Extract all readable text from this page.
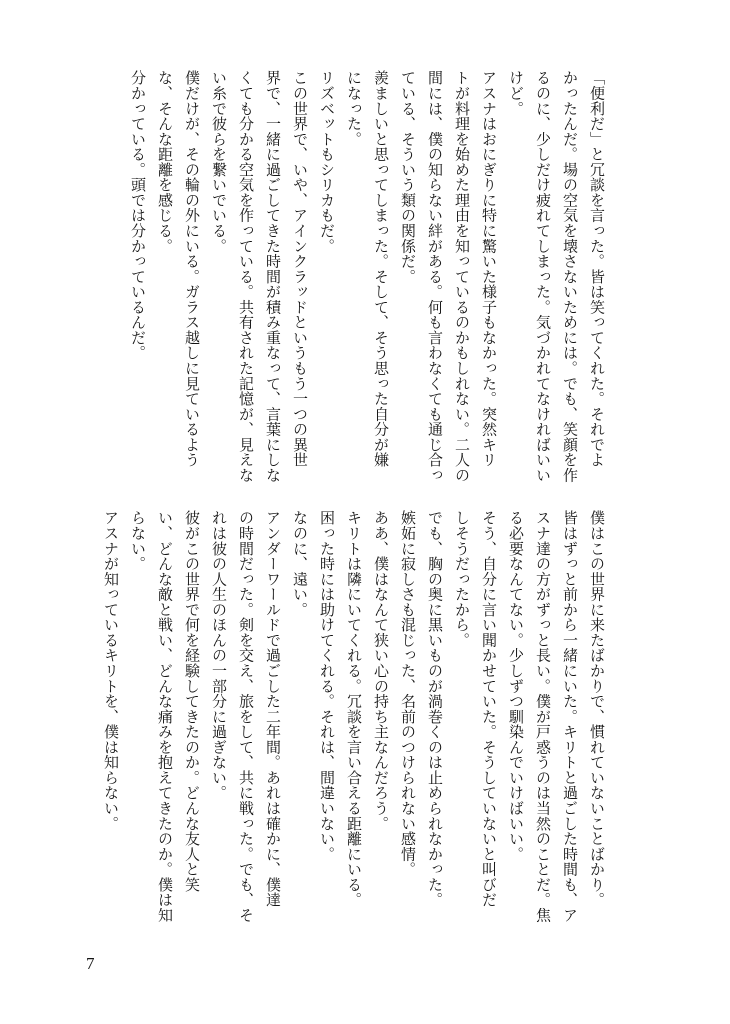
「便利だ」と冗談を言った。皆は笑ってくれた。それでよ
かったんだ。場の空気を壊さないためには。でも、笑顔を作
るのに、少しだけ疲れてしまった。気づかれてなければいい
けど。
アスナはおにぎりに特に驚いた様子もなかった。突然キリ
トが料理を始めた理由を知っているのかもしれない。二人の
間には、僕の知らない絆がある。何も言わなくても通じ合っ
ている、そういう類の関係だ。
羨ましいと思ってしまった。そして、そう思った自分が嫌
になった。
リズベットもシリカもだ。
この世界で、いや、アインクラッドというもう一つの異世
界で、一緒に過ごしてきた時間が積み重なって、言葉にしな
くても分かる空気を作っている。共有された記憶が、見えな
い糸で彼らを繋いでいる。
僕だけが、その輪の外にいる。ガラス越しに見ているよう
な、そんな距離を感じる。
分かっている。頭では分かっているんだ。
僕はこの世界に来たばかりで、慣れていないことばかり。
皆はずっと前から一緒にいた。キリトと過ごした時間も、ア
スナ達の方がずっと長い。僕が戸惑うのは当然のことだ。焦
る必要なんてない。少しずつ馴染んでいけばいい。
そう、自分に言い聞かせていた。そうしていないと叫びだ
しそうだったから。
でも、胸の奥に黒いものが渦巻くのは止められなかった。
嫉妬に寂しさも混じった、名前のつけられない感情。
ああ、僕はなんて狭い心の持ち主なんだろう。
キリトは隣にいてくれる。冗談を言い合える距離にいる。
困った時には助けてくれる。それは、間違いない。
なのに、遠い。
アンダーワールドで過ごした二年間。あれは確かに、僕達
の時間だった。剣を交え、旅をして、共に戦った。でも、そ
れは彼の人生のほんの一部分に過ぎない。
彼がこの世界で何を経験してきたのか。どんな友人と笑
い、どんな敵と戦い、どんな痛みを抱えてきたのか。僕は知
らない。
アスナが知っているキリトを、僕は知らない。
7
